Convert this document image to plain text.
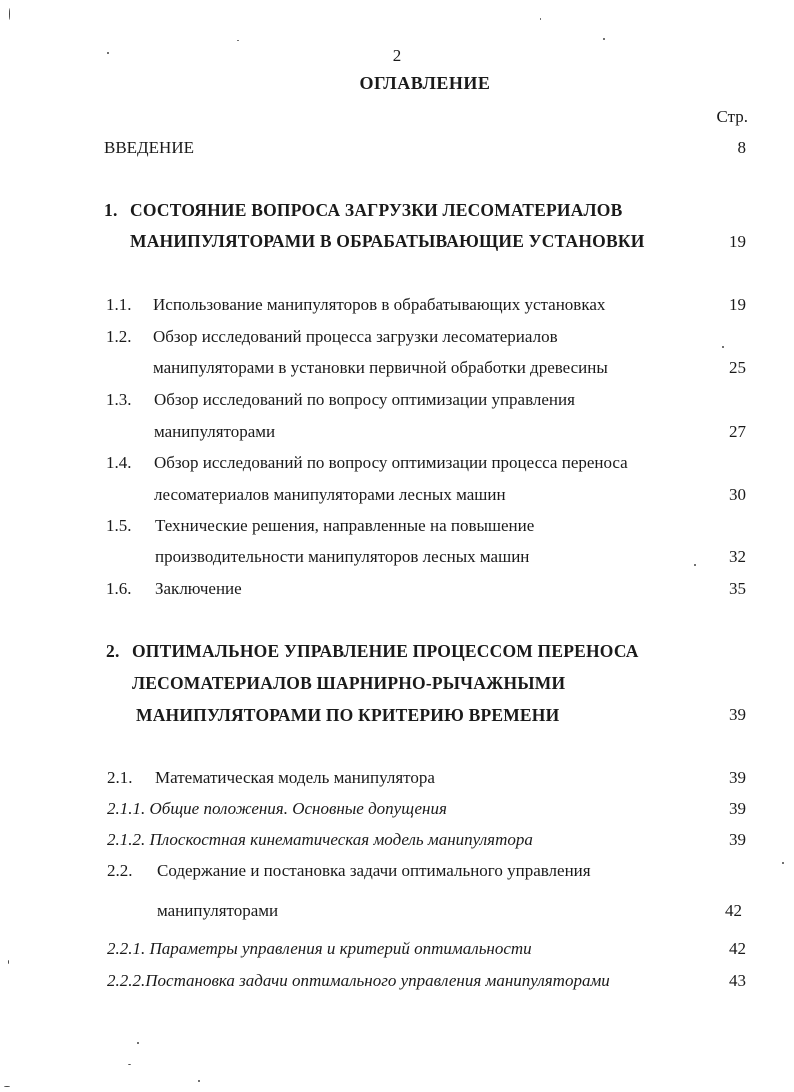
2
ОГЛАВЛЕНИЕ
Стр.
ВВЕДЕНИЕ	8
1. СОСТОЯНИЕ ВОПРОСА ЗАГРУЗКИ ЛЕСОМАТЕРИАЛОВ
МАНИПУЛЯТОРАМИ В ОБРАБАТЫВАЮЩИЕ УСТАНОВКИ	19
1.1. Использование манипуляторов в обрабатывающих установках	19
1.2. Обзор исследований процесса загрузки лесоматериалов
манипуляторами в установки первичной обработки древесины	25
1.3. Обзор исследований по вопросу оптимизации управления
манипуляторами	27
1.4. Обзор исследований по вопросу оптимизации процесса переноса
лесоматериалов манипуляторами лесных машин	30
1.5. Технические решения, направленные на повышение
производительности манипуляторов лесных машин	32
1.6. Заключение	35
2. ОПТИМАЛЬНОЕ УПРАВЛЕНИЕ ПРОЦЕССОМ ПЕРЕНОСА
ЛЕСОМАТЕРИАЛОВ ШАРНИРНО-РЫЧАЖНЫМИ
МАНИПУЛЯТОРАМИ ПО КРИТЕРИЮ ВРЕМЕНИ	39
2.1. Математическая модель манипулятора	39
2.1.1. Общие положения. Основные допущения	39
2.1.2. Плоскостная кинематическая модель манипулятора	39
2.2. Содержание и постановка задачи оптимального управления
манипуляторами	42
2.2.1. Параметры управления и критерий оптимальности	42
2.2.2.Постановка задачи оптимального управления манипуляторами	43
